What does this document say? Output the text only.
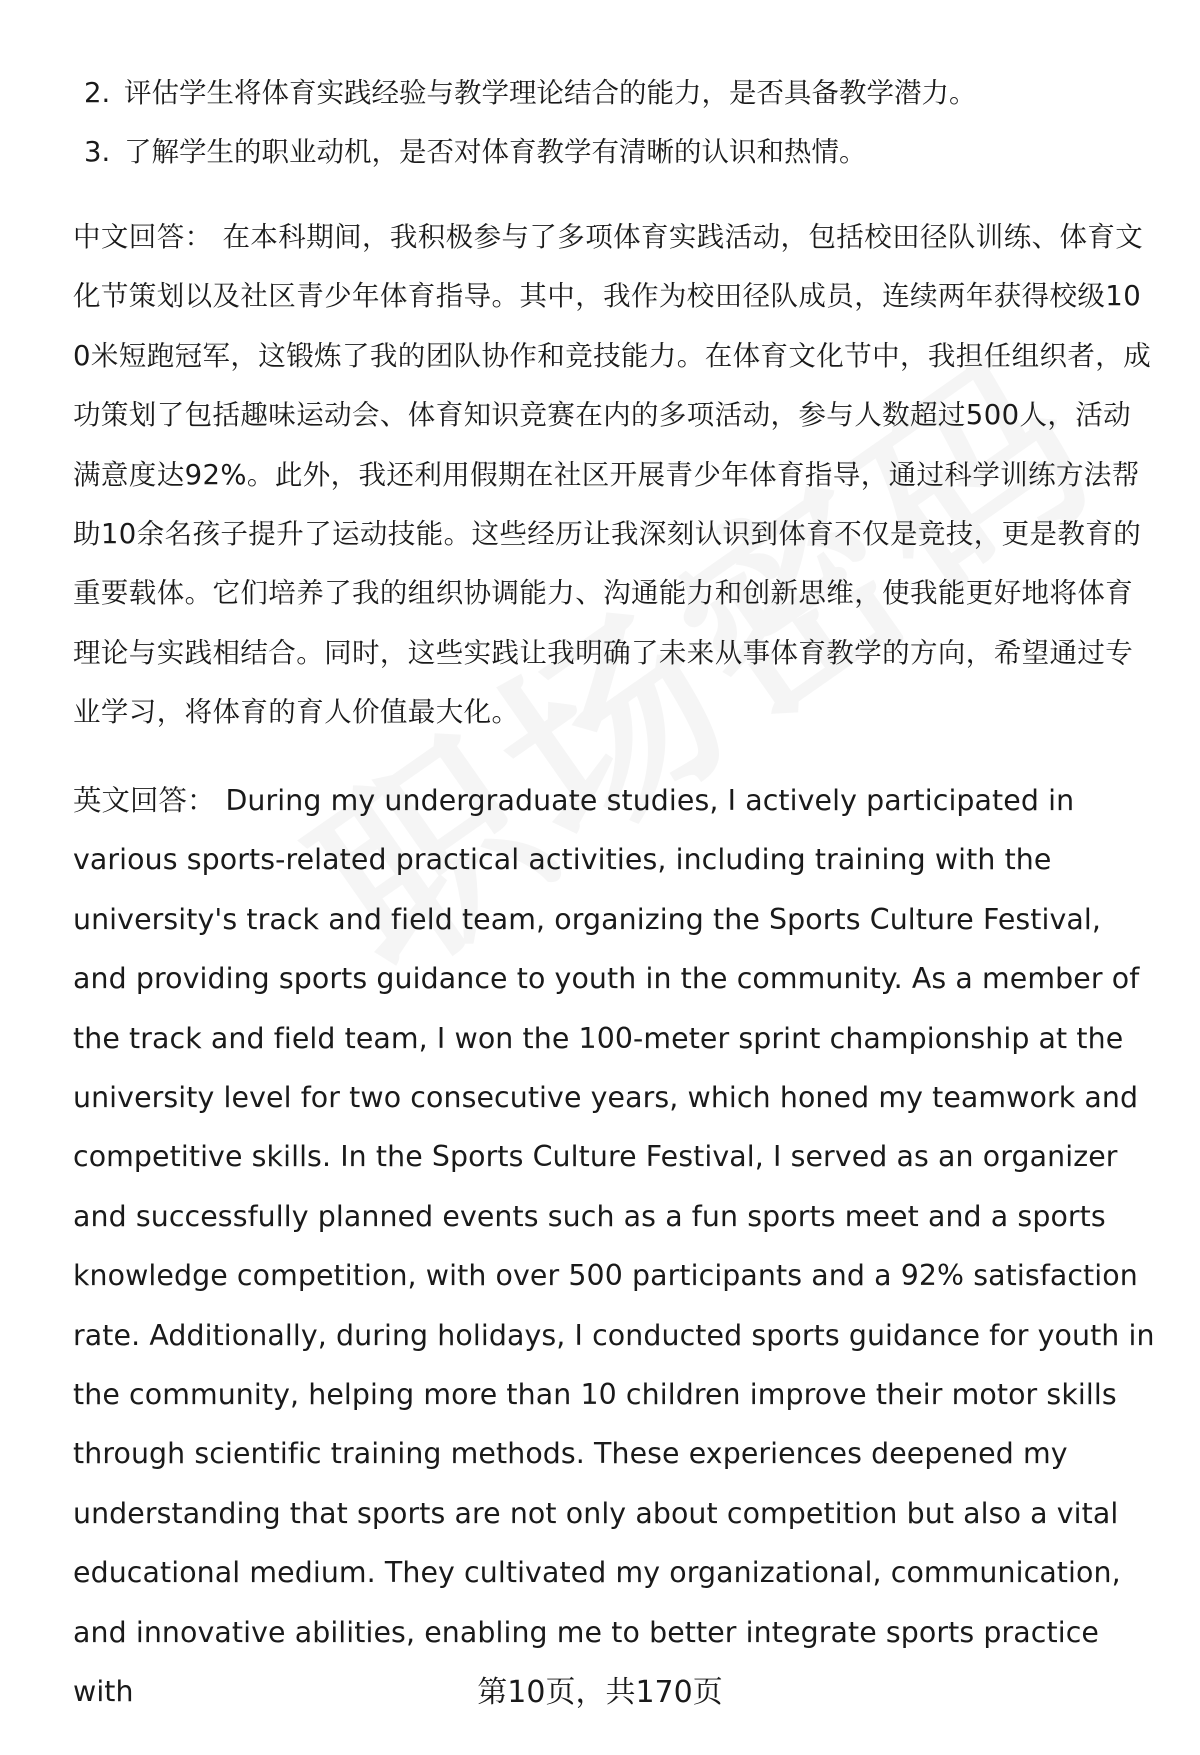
2. 评估学生将体育实践经验与教学理论结合的能力，是否具备教学潜力。
3. 了解学生的职业动机，是否对体育教学有清晰的认识和热情。

中文回答： 在本科期间，我积极参与了多项体育实践活动，包括校田径队训练、体育文化节策划以及社区青少年体育指导。其中，我作为校田径队成员，连续两年获得校级100米短跑冠军，这锻炼了我的团队协作和竞技能力。在体育文化节中，我担任组织者，成功策划了包括趣味运动会、体育知识竞赛在内的多项活动，参与人数超过500人，活动满意度达92%。此外，我还利用假期在社区开展青少年体育指导，通过科学训练方法帮助10余名孩子提升了运动技能。这些经历让我深刻认识到体育不仅是竞技，更是教育的重要载体。它们培养了我的组织协调能力、沟通能力和创新思维，使我能更好地将体育理论与实践相结合。同时，这些实践让我明确了未来从事体育教学的方向，希望通过专业学习，将体育的育人价值最大化。

英文回答： During my undergraduate studies, I actively participated in various sports-related practical activities, including training with the university's track and field team, organizing the Sports Culture Festival, and providing sports guidance to youth in the community. As a member of the track and field team, I won the 100-meter sprint championship at the university level for two consecutive years, which honed my teamwork and competitive skills. In the Sports Culture Festival, I served as an organizer and successfully planned events such as a fun sports meet and a sports knowledge competition, with over 500 participants and a 92% satisfaction rate. Additionally, during holidays, I conducted sports guidance for youth in the community, helping more than 10 children improve their motor skills through scientific training methods. These experiences deepened my understanding that sports are not only about competition but also a vital educational medium. They cultivated my organizational, communication, and innovative abilities, enabling me to better integrate sports practice with	第10页，共170页
